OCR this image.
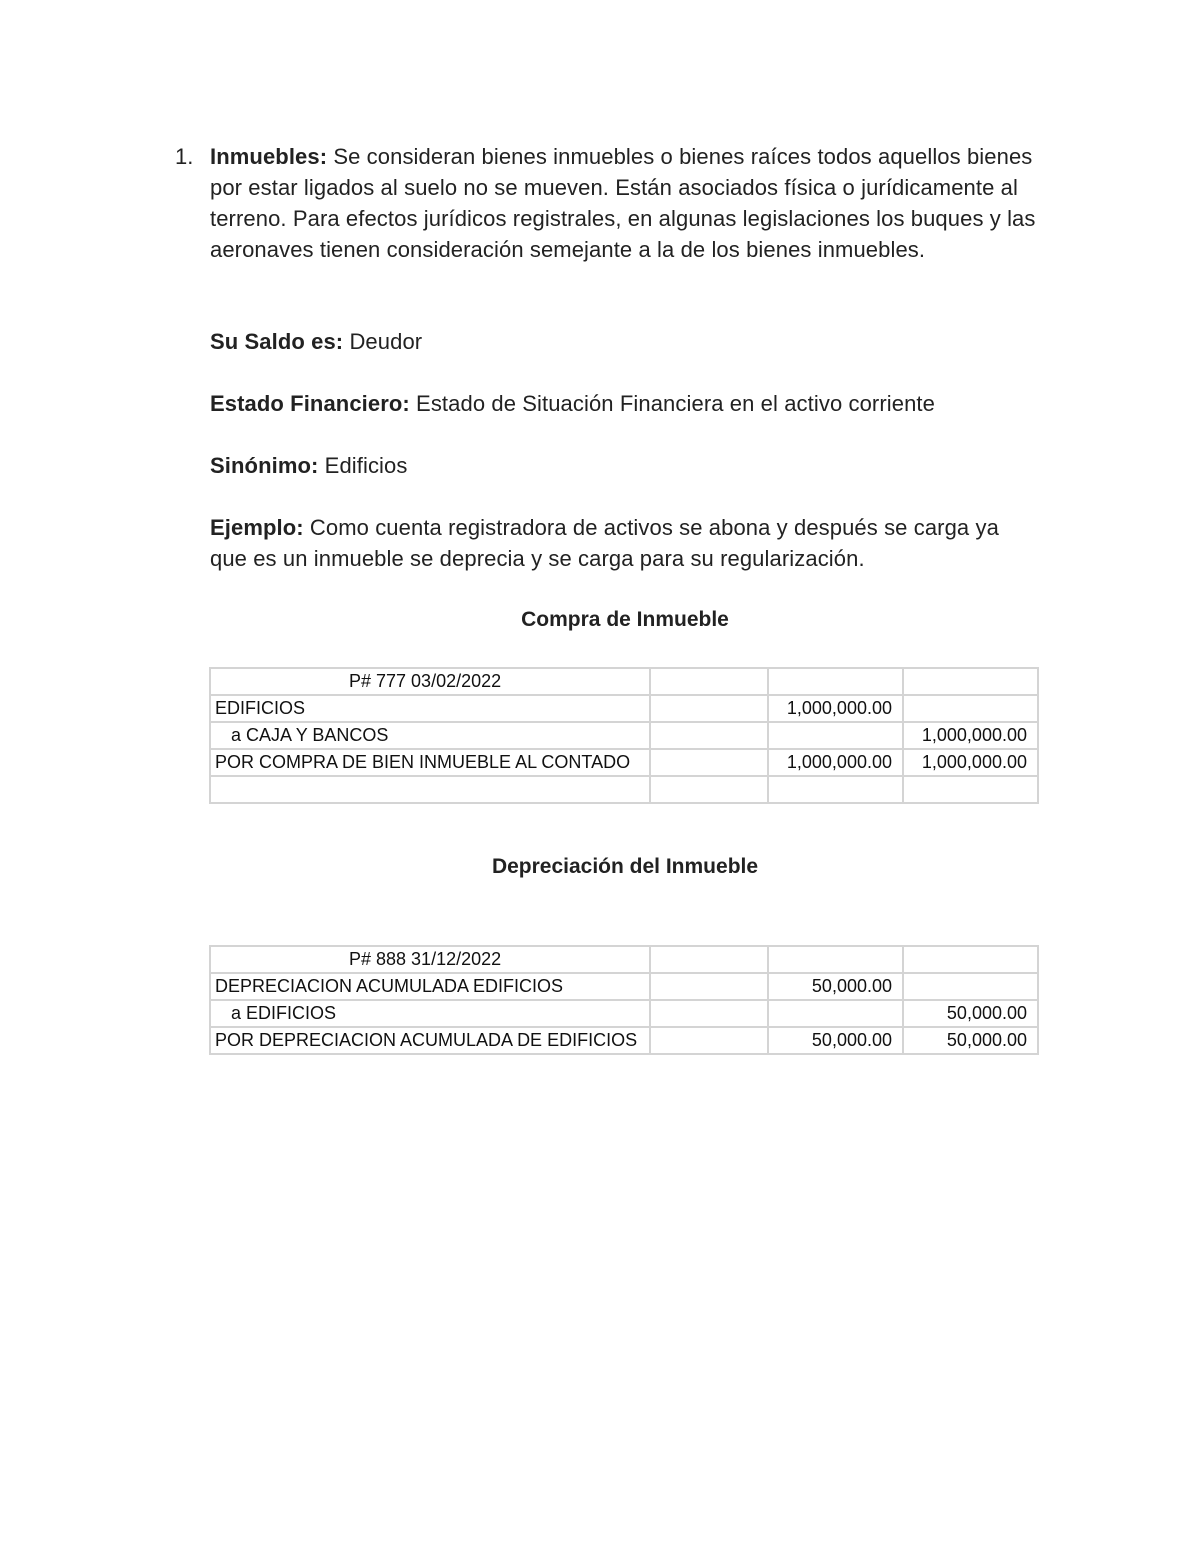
1. Inmuebles: Se consideran bienes inmuebles o bienes raíces todos aquellos bienes por estar ligados al suelo no se mueven. Están asociados física o jurídicamente al terreno. Para efectos jurídicos registrales, en algunas legislaciones los buques y las aeronaves tienen consideración semejante a la de los bienes inmuebles.
Su Saldo es: Deudor
Estado Financiero: Estado de Situación Financiera en el activo corriente
Sinónimo: Edificios
Ejemplo: Como cuenta registradora de activos se abona y después se carga ya que es un inmueble se deprecia y se carga para su regularización.
Compra de Inmueble
P# 777 03/02/2022			
EDIFICIOS		1,000,000.00	
a CAJA Y BANCOS			1,000,000.00
POR COMPRA DE BIEN INMUEBLE AL CONTADO		1,000,000.00	1,000,000.00

Depreciación del Inmueble
P# 888 31/12/2022			
DEPRECIACION ACUMULADA EDIFICIOS		50,000.00	
a EDIFICIOS			50,000.00
POR DEPRECIACION ACUMULADA DE EDIFICIOS		50,000.00	50,000.00
